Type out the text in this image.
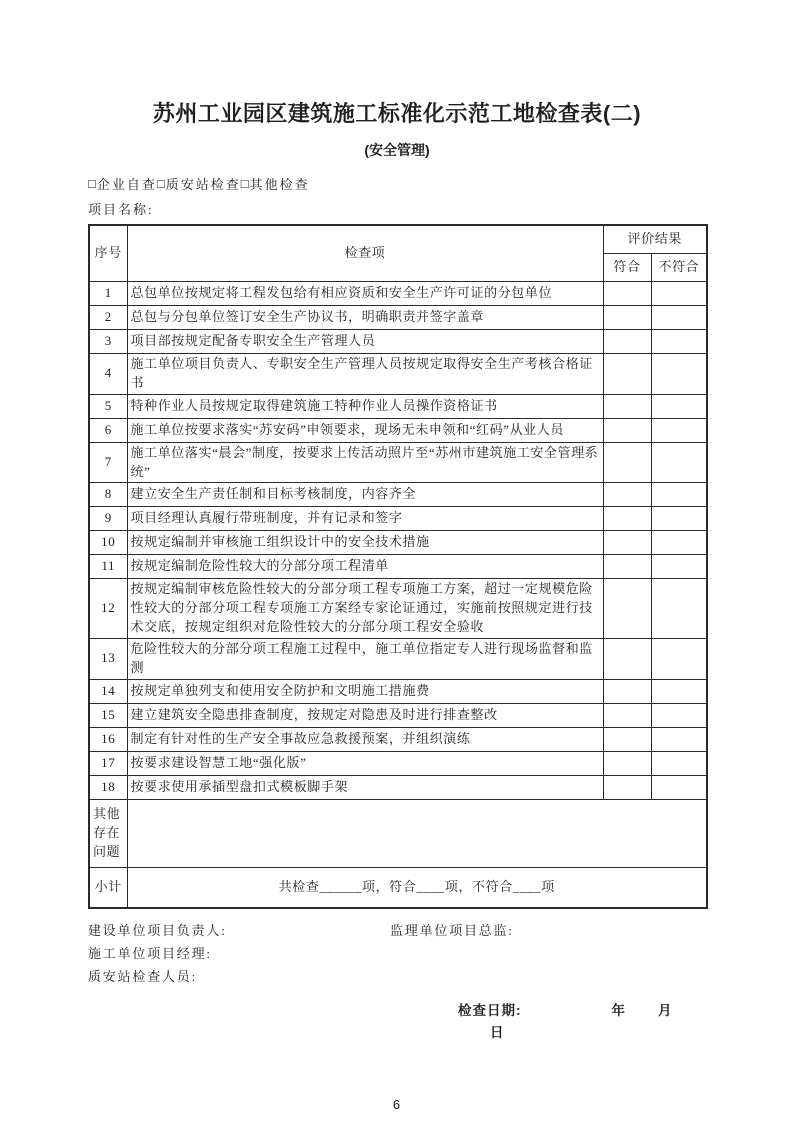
苏州工业园区建筑施工标准化示范工地检查表(二)
(安全管理)
□ 企业自查 □ 质安站检查 □ 其他检查
项目名称:
序号	检查项	评价结果	
		符合	不符合
1	总包单位按规定将工程发包给有相应资质和安全生产许可证的分包单位		
2	总包与分包单位签订安全生产协议书，明确职责并签字盖章		
3	项目部按规定配备专职安全生产管理人员		
4	施工单位项目负责人、专职安全生产管理人员按规定取得安全生产考核合格证书		
5	特种作业人员按规定取得建筑施工特种作业人员操作资格证书		
6	施工单位按要求落实“苏安码”申领要求，现场无未申领和“红码”从业人员		
7	施工单位落实“晨会”制度，按要求上传活动照片至“苏州市建筑施工安全管理系统”		
8	建立安全生产责任制和目标考核制度，内容齐全		
9	项目经理认真履行带班制度，并有记录和签字		
10	按规定编制并审核施工组织设计中的安全技术措施		
11	按规定编制危险性较大的分部分项工程清单		
12	按规定编制审核危险性较大的分部分项工程专项施工方案，超过一定规模危险性较大的分部分项工程专项施工方案经专家论证通过，实施前按照规定进行技术交底，按规定组织对危险性较大的分部分项工程安全验收		
13	危险性较大的分部分项工程施工过程中，施工单位指定专人进行现场监督和监测		
14	按规定单独列支和使用安全防护和文明施工措施费		
15	建立建筑安全隐患排查制度，按规定对隐患及时进行排查整改		
16	制定有针对性的生产安全事故应急救援预案，并组织演练		
17	按要求建设智慧工地“强化版”		
18	按要求使用承插型盘扣式模板脚手架		
其他存在问题			
小计	共检查______项，符合____项，不符合____项		
建设单位项目负责人:	监理单位项目总监:
施工单位项目经理:
质安站检查人员:
检查日期:	年 月日
6
